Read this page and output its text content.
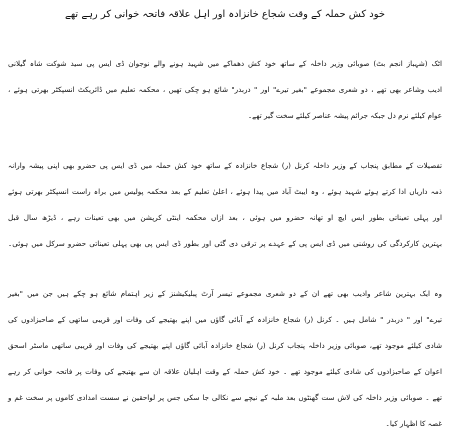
خود کش حملہ کے وقت شجاع خانزادہ اور اہل علاقہ فاتحہ خوانی کر رہے تھے
اٹک (شہباز انجم بٹ) صوبائی وزیر داخلہ کے ساتھ خود کش دھماکے میں شہید ہونے والے نوجوان ڈی ایس پی سید شوکت شاہ گیلانی
ادیب وشاعر بھی تھے ، دو شعری مجموعے "بغیر تیرے" اور " دربدر" شائع ہو چکی تھیں ، محکمہ تعلیم میں ڈائریکٹ انسپکٹر بھرتی ہوئے ،
عوام کیلئے نرم دل جبکہ جرائم پیشہ عناصر کیلئے سخت گیر تھے۔
تفصیلات کے مطابق پنجاب کے وزیر داخلہ کرنل (ر) شجاع خانزادہ کے ساتھ خود کش حملہ میں ڈی ایس پی حضرو بھی اپنی پیشہ وارانہ
ذمہ داریاں ادا کرتے ہوئے شہید ہوئے ، وہ ایبٹ آباد میں پیدا ہوئے ، اعلیٰ تعلیم کے بعد محکمہ پولیس میں براہ راست انسپکٹر بھرتی ہوئے
اور پہلی تعیناتی بطور ایس ایچ او تھانہ حضرو میں ہوئی ، بعد ازاں محکمہ اینٹی کرپشن میں بھی تعینات رہے ، ڈیڑھ سال قبل
بہترین کارکردگی کی روشنی میں ڈی ایس پی کے عہدے پر ترقی دی گئی اور بطور ڈی ایس پی بھی پہلی تعیناتی حضرو سرکل میں ہوئی۔
وہ ایک بہترین شاعر وادیب بھی تھے ان کے دو شعری مجموعے تیسر آرٹ پبلیکیشنز کے زیر اہتمام شائع ہو چکے ہیں جن میں "بغیر
تیرے" اور " دربدر " شامل ہیں ۔ کرنل (ر) شجاع خانزادہ کے آبائی گاؤں میں اپنے بھتیجے کی وفات اور قریبی ساتھی کے صاحبزادوں کی
شادی کیلئے موجود تھے، صوبائی وزیر داخلہ پنجاب کرنل (ر) شجاع خانزادہ آبائی گاؤں اپنے بھتیجے کی وفات اور قریبی ساتھی ماسٹر اسحق
اعوان کے صاحبزادوں کی شادی کیلئے موجود تھے ۔ خود کش حملہ کے وقت اہلیان علاقہ ان سے بھتیجے کی وفات پر فاتحہ خوانی کر رہے
تھے ۔ صوبائی وزیر داخلہ کی لاش ست گھنٹوں بعد ملبہ کے نیچے سے نکالی جا سکی جس پر لواحقین نے سست امدادی کاموں پر سخت غم و
غصہ کا اظہار کیا۔
